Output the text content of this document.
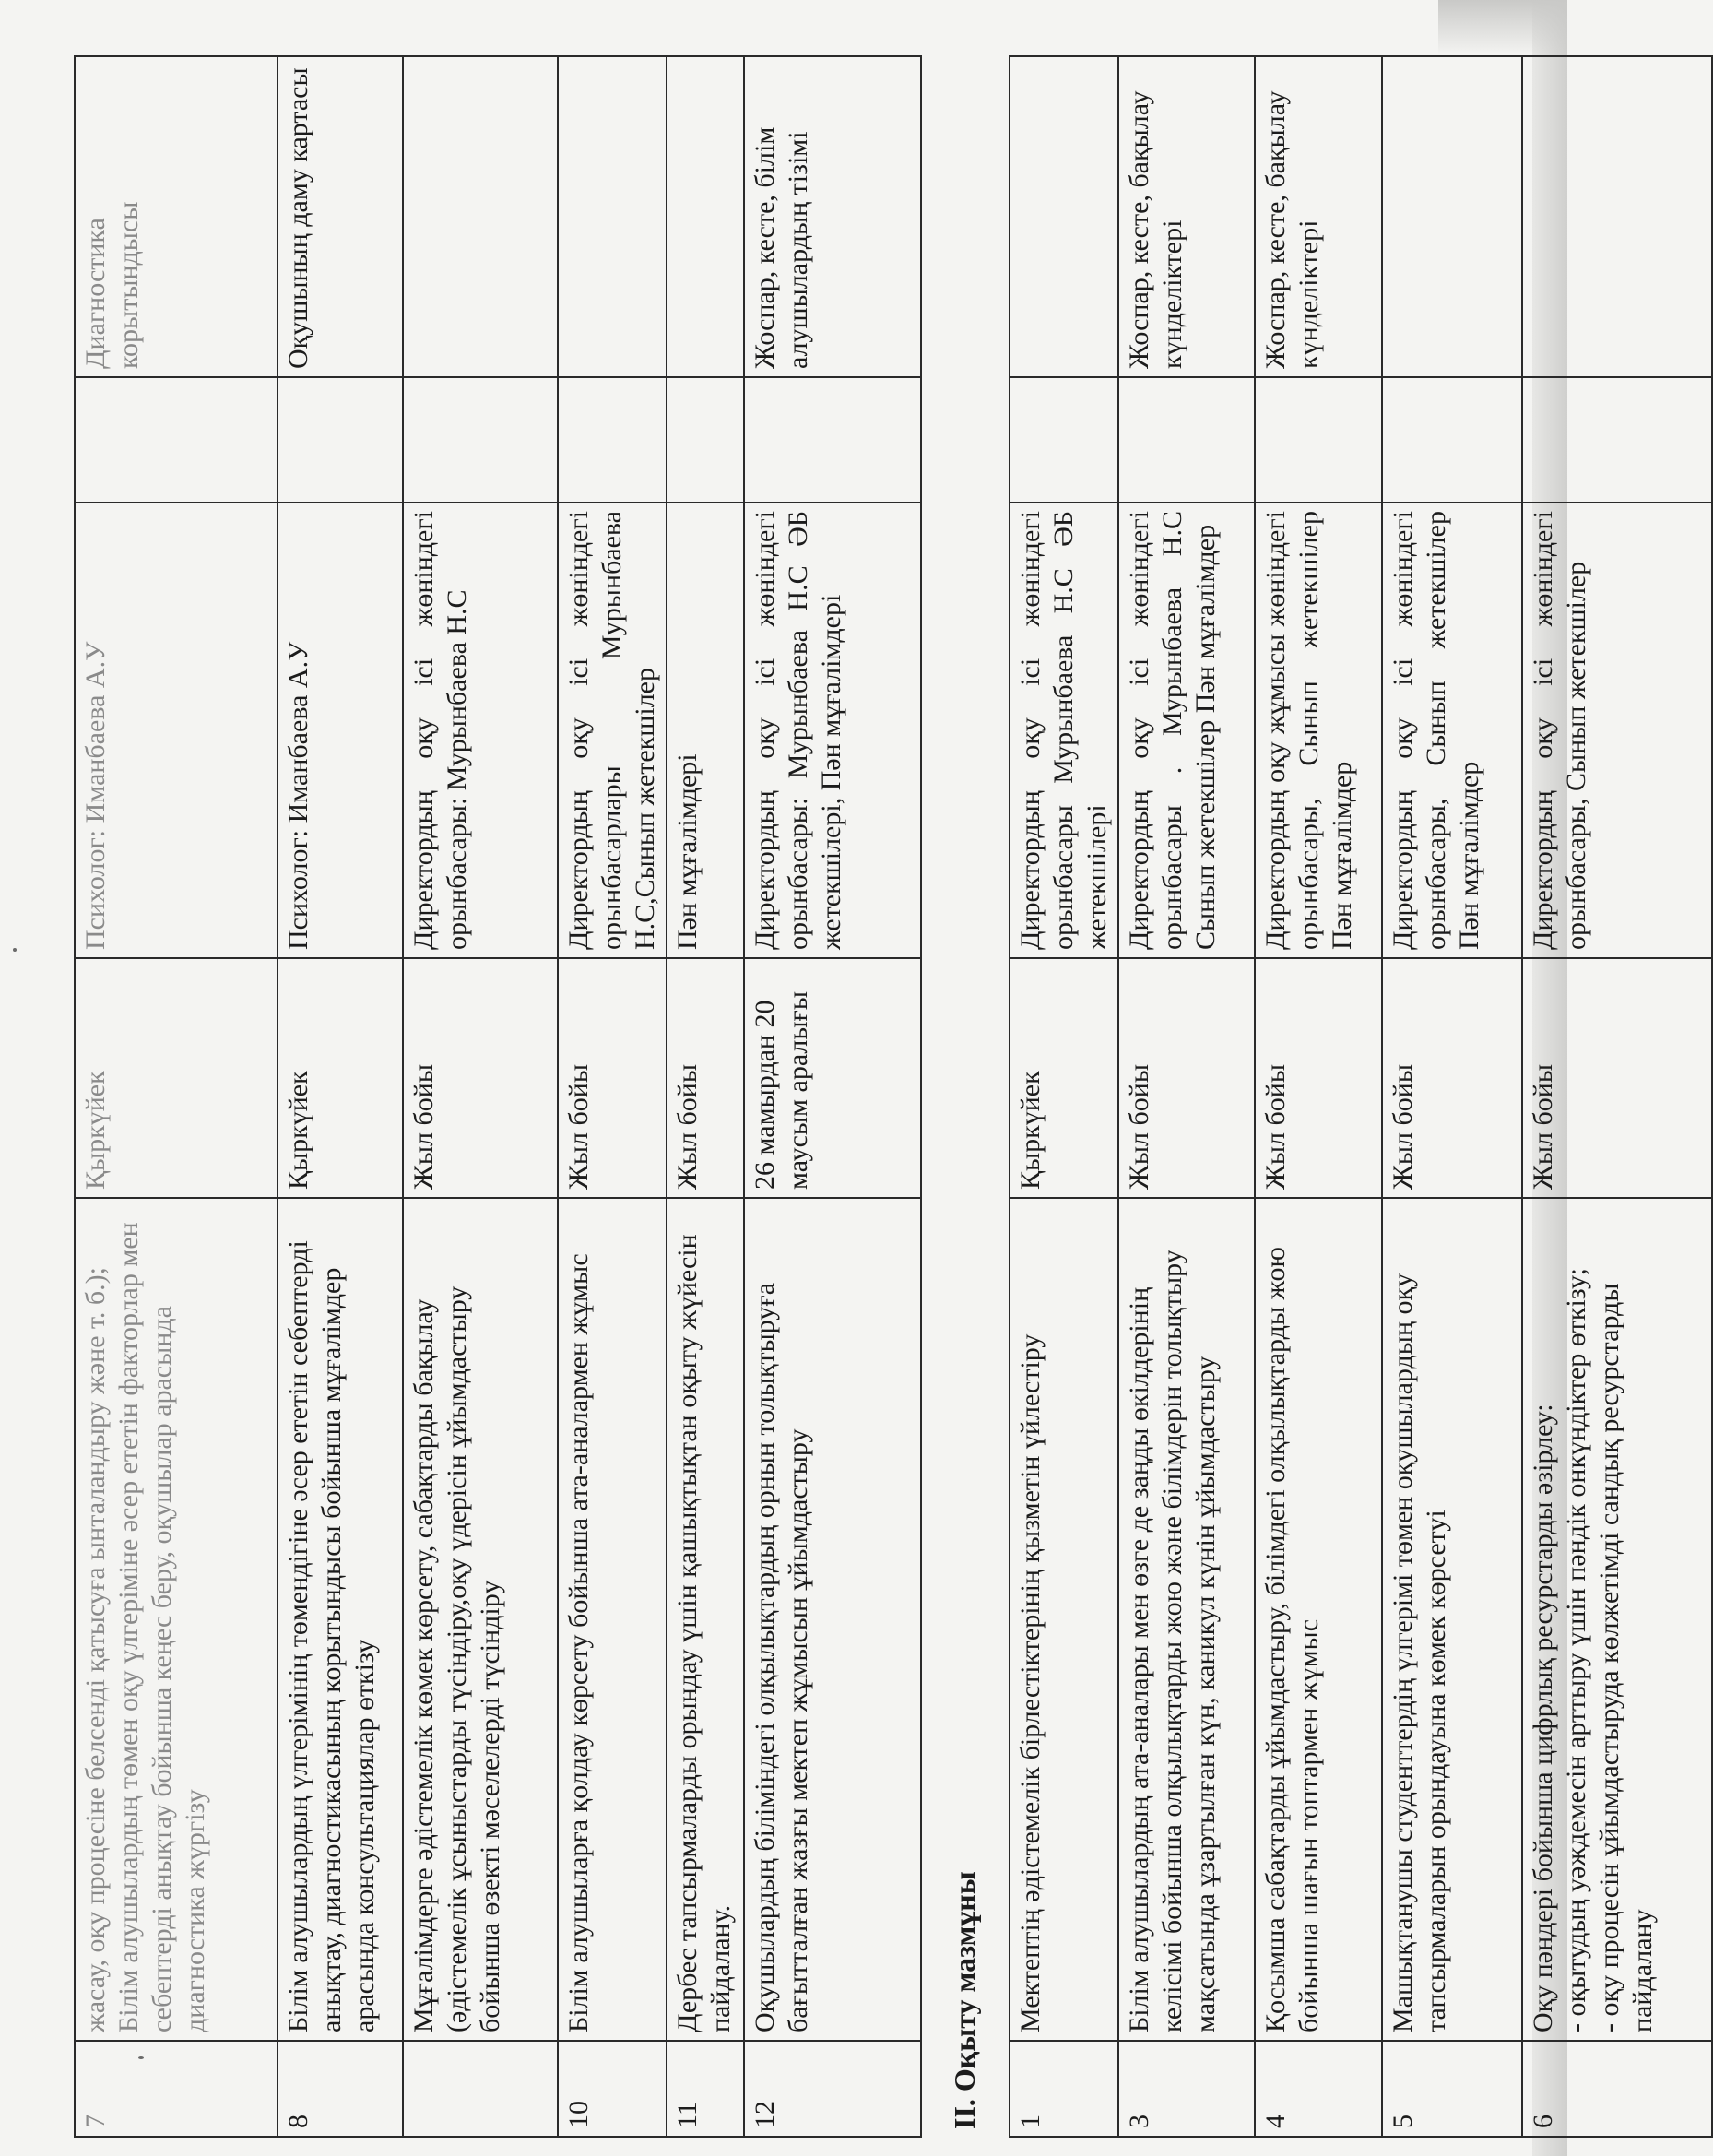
7	жасау, оқу процесіне белсенді қатысуға ынталандыру және т. б.); Білім алушылардың төмен оқу үлгеріміне әсер ететін факторлар мен себептерді анықтау бойынша кеңес беру, оқушылар арасында диагностика жүргізу	Қыркүйек	Психолог: Иманбаева А.У		Диагностика корытындысы
8	Білім алушылардың үлгерімінің төмендігіне әсер ететін себептерді анықтау, диагностикасының корытындысы бойынша мұғалімдер арасында консультациялар өткізу	Қыркүйек	Психолог: Иманбаева А.У		Оқушының даму картасы

	Мұғалімдерге әдістемелік көмек көрсету, сабақтарды бақылау (әдістемелік ұсыныстарды түсіндіру,оқу үдерісін ұйымдастыру бойынша өзекті мәселелерді түсіндіру	Жыл бойы	Директордың оқу ісі жөніндегі орынбасары: Мурынбаева Н.С		
10	Білім алушыларға қолдау көрсету бойынша ата-аналармен жұмыс	Жыл бойы	Директордың оқу ісі жөніндегі орынбасарлары Мурынбаева Н.С,Сынып жетекшілер		
11	Дербес тапсырмаларды орындау үшін қашықтықтан оқыту жүйесін пайдалану.	Жыл бойы	Пән мұғалімдері		
12	Оқушылардың біліміндегі олқылықтардың орнын толықтыруға бағытталған жазғы мектеп жұмысын ұйымдастыру	26 мамырдан 20 маусым аралығы	Директордың оқу ісі жөніндегі орынбасары: Мурынбаева Н.С ӘБ жетекшілері, Пән мұғалімдері		Жоспар, кесте, білім алушылардың тізімі
II. Оқыту мазмұны					
1	Мектептің әдістемелік бірлестіктерінің қызметін үйлестіру	Қыркүйек	Директордың оқу ісі жөніндегі орынбасары Мурынбаева Н.С ӘБ жетекшілері		
3	Білім алушылардың ата-аналары мен өзге де заңды өкілдерінің келісімі бойынша олқылықтарды жою және білімдерін толықтыру мақсатында ұзартылған күн, каникул күнін ұйымдастыру	Жыл бойы	Директордың оқу ісі жөніндегі орынбасары . Мурынбаева Н.С Сынып жетекшілер Пән мұғалімдер		Жоспар, кесте, бақылау күнделіктері
4	Қосымша сабақтарды ұйымдастыру, білімдегі олқылықтарды жою бойынша шағын топтармен жұмыс	Жыл бойы	Директордың оқу жұмысы жөніндегі орынбасары, Сынып жетекшілер Пән мұғалімдер		Жоспар, кесте, бақылау күнделіктері
5	Машықтанушы студенттердің үлгерімі төмен оқушылардың оқу тапсырмаларын орындауына көмек көрсетуі	Жыл бойы	Директордың оқу ісі жөніндегі орынбасары, Сынып жетекшілер Пән мұғалімдер		
6	Оқу пәндері бойынша цифрлық ресурстарды әзірлеу: - оқытудың уәждемесін арттыру үшін пәндік онкүндіктер өткізу; - оқу процесін ұйымдастыруда көлжетімді сандық ресурстарды пайдалану	Жыл бойы	Директордың оқу ісі жөніндегі орынбасары, Сынып жетекшілер		
